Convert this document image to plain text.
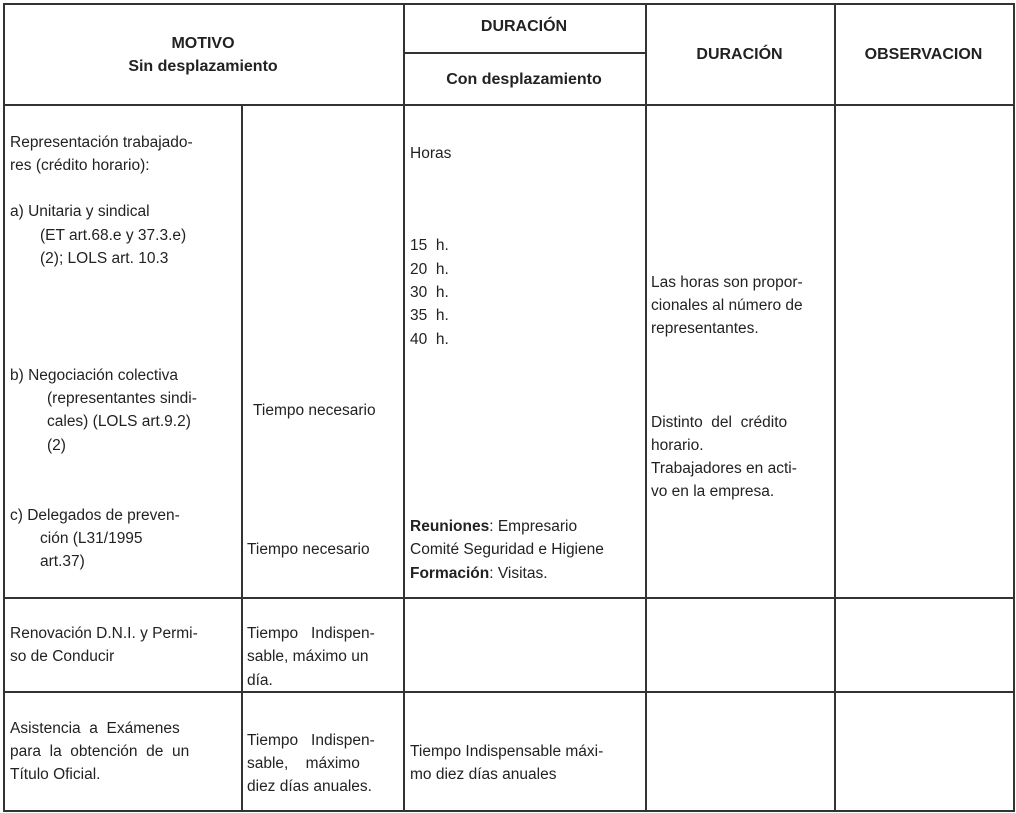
MOTIVO
Sin desplazamiento
DURACIÓN
Con desplazamiento
DURACIÓN	OBSERVACION
Representación trabajado-
res (crédito horario):
a) Unitaria y sindical
(ET art.68.e y 37.3.e)
(2); LOLS art. 10.3
b) Negociación colectiva
(representantes sindi-
cales) (LOLS art.9.2)
(2)
c) Delegados de preven-
ción (L31/1995
art.37)
Tiempo necesario
Tiempo necesario
Horas
15  h.
20  h.
30  h.
35  h.
40  h.
Reuniones: Empresario
Comité Seguridad e Higiene
Formación: Visitas.
Las horas son propor-
cionales al número de
representantes.
Distinto  del  crédito
horario.
Trabajadores en acti-
vo en la empresa.
Renovación D.N.I. y Permi-
so de Conducir
Tiempo   Indispen-
sable, máximo un
día.
Asistencia  a  Exámenes
para  la  obtención  de  un
Título Oficial.
Tiempo   Indispen-
sable,    máximo
diez días anuales.
Tiempo Indispensable máxi-
mo diez días anuales
